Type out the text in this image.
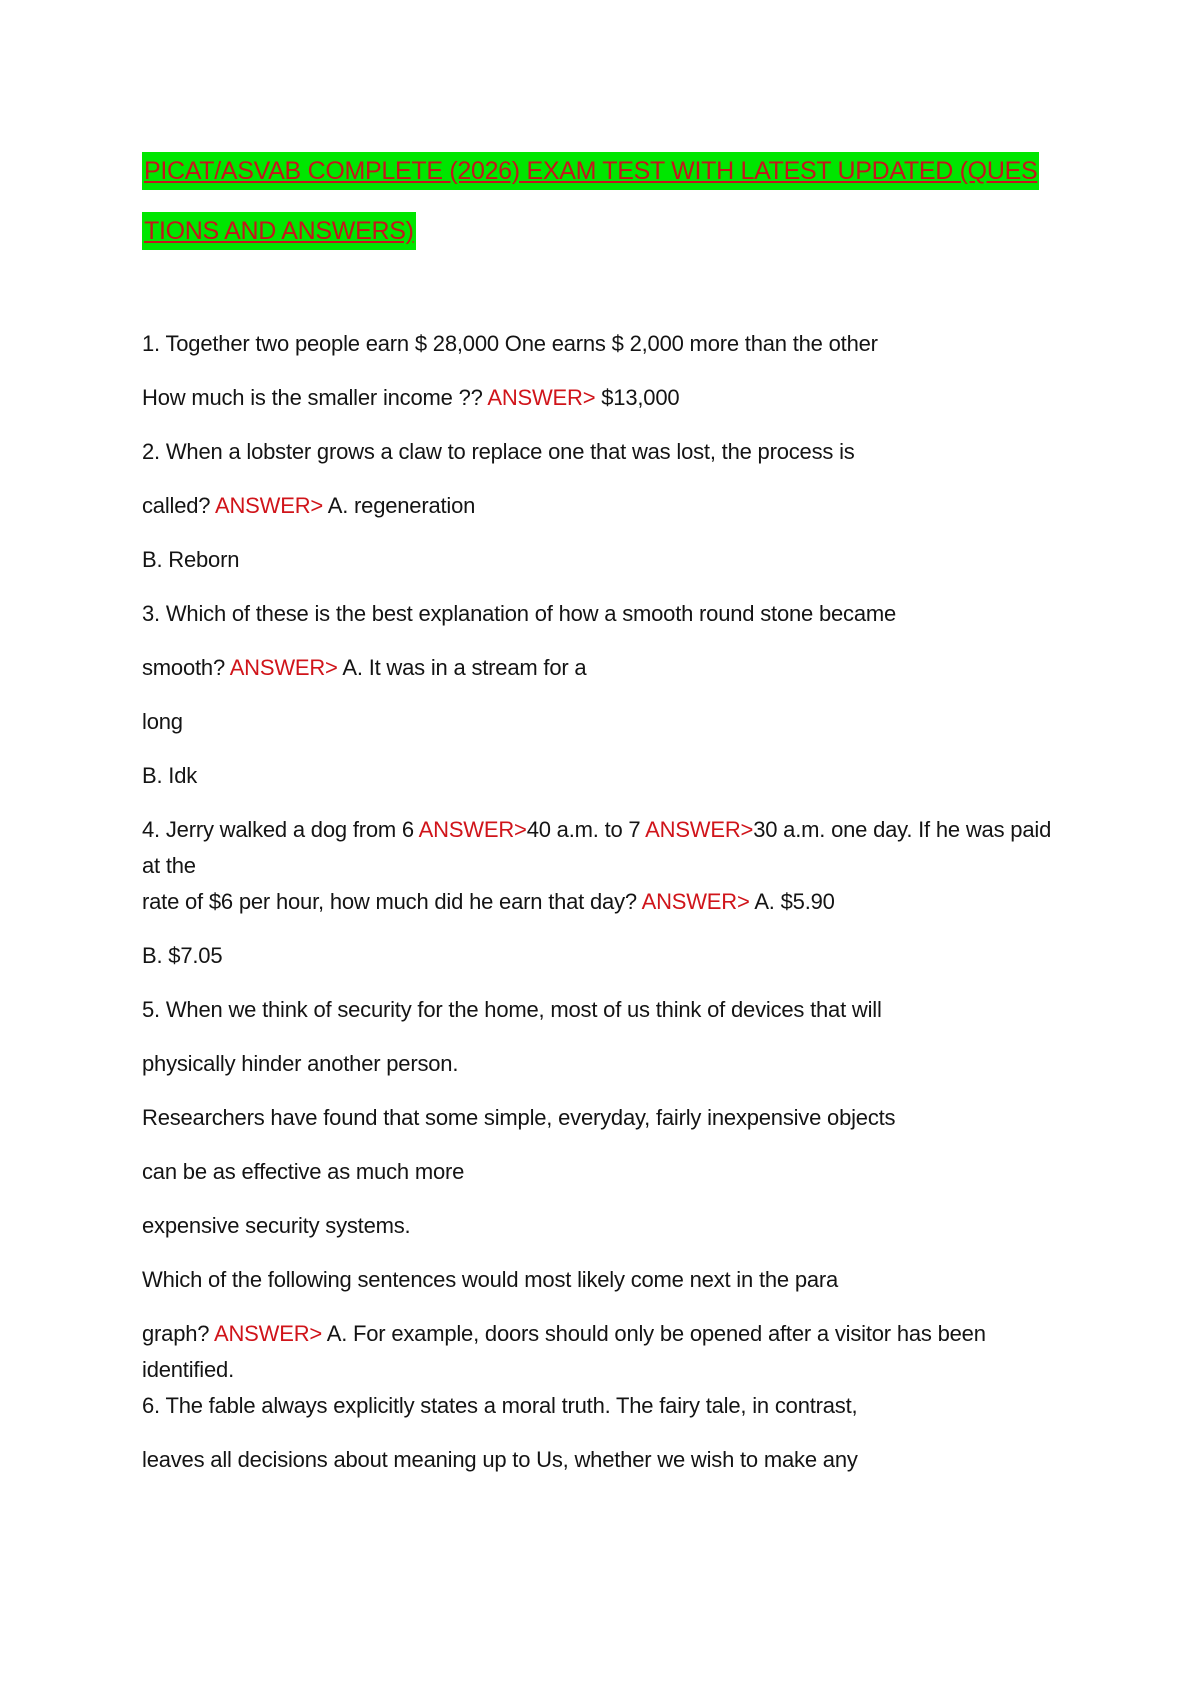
PICAT/ASVAB COMPLETE (2026) EXAM TEST WITH LATEST UPDATED (QUES
TIONS AND ANSWERS)
1. Together two people earn $ 28,000 One earns $ 2,000 more than the other
How much is the smaller income ?? ANSWER> $13,000
2. When a lobster grows a claw to replace one that was lost, the process is
called? ANSWER> A. regeneration
B. Reborn
3. Which of these is the best explanation of how a smooth round stone became
smooth? ANSWER> A. It was in a stream for a
long
B. Idk
4. Jerry walked a dog from 6 ANSWER>40 a.m. to 7 ANSWER>30 a.m. one day. If he was paid at the
rate of $6 per hour, how much did he earn that day? ANSWER> A. $5.90
B. $7.05
5. When we think of security for the home, most of us think of devices that will
physically hinder another person.
Researchers have found that some simple, everyday, fairly inexpensive objects
can be as effective as much more
expensive security systems.
Which of the following sentences would most likely come next in the para
graph? ANSWER> A. For example, doors should only be opened after a visitor has been identified.
6. The fable always explicitly states a moral truth. The fairy tale, in contrast,
leaves all decisions about meaning up to Us, whether we wish to make any
